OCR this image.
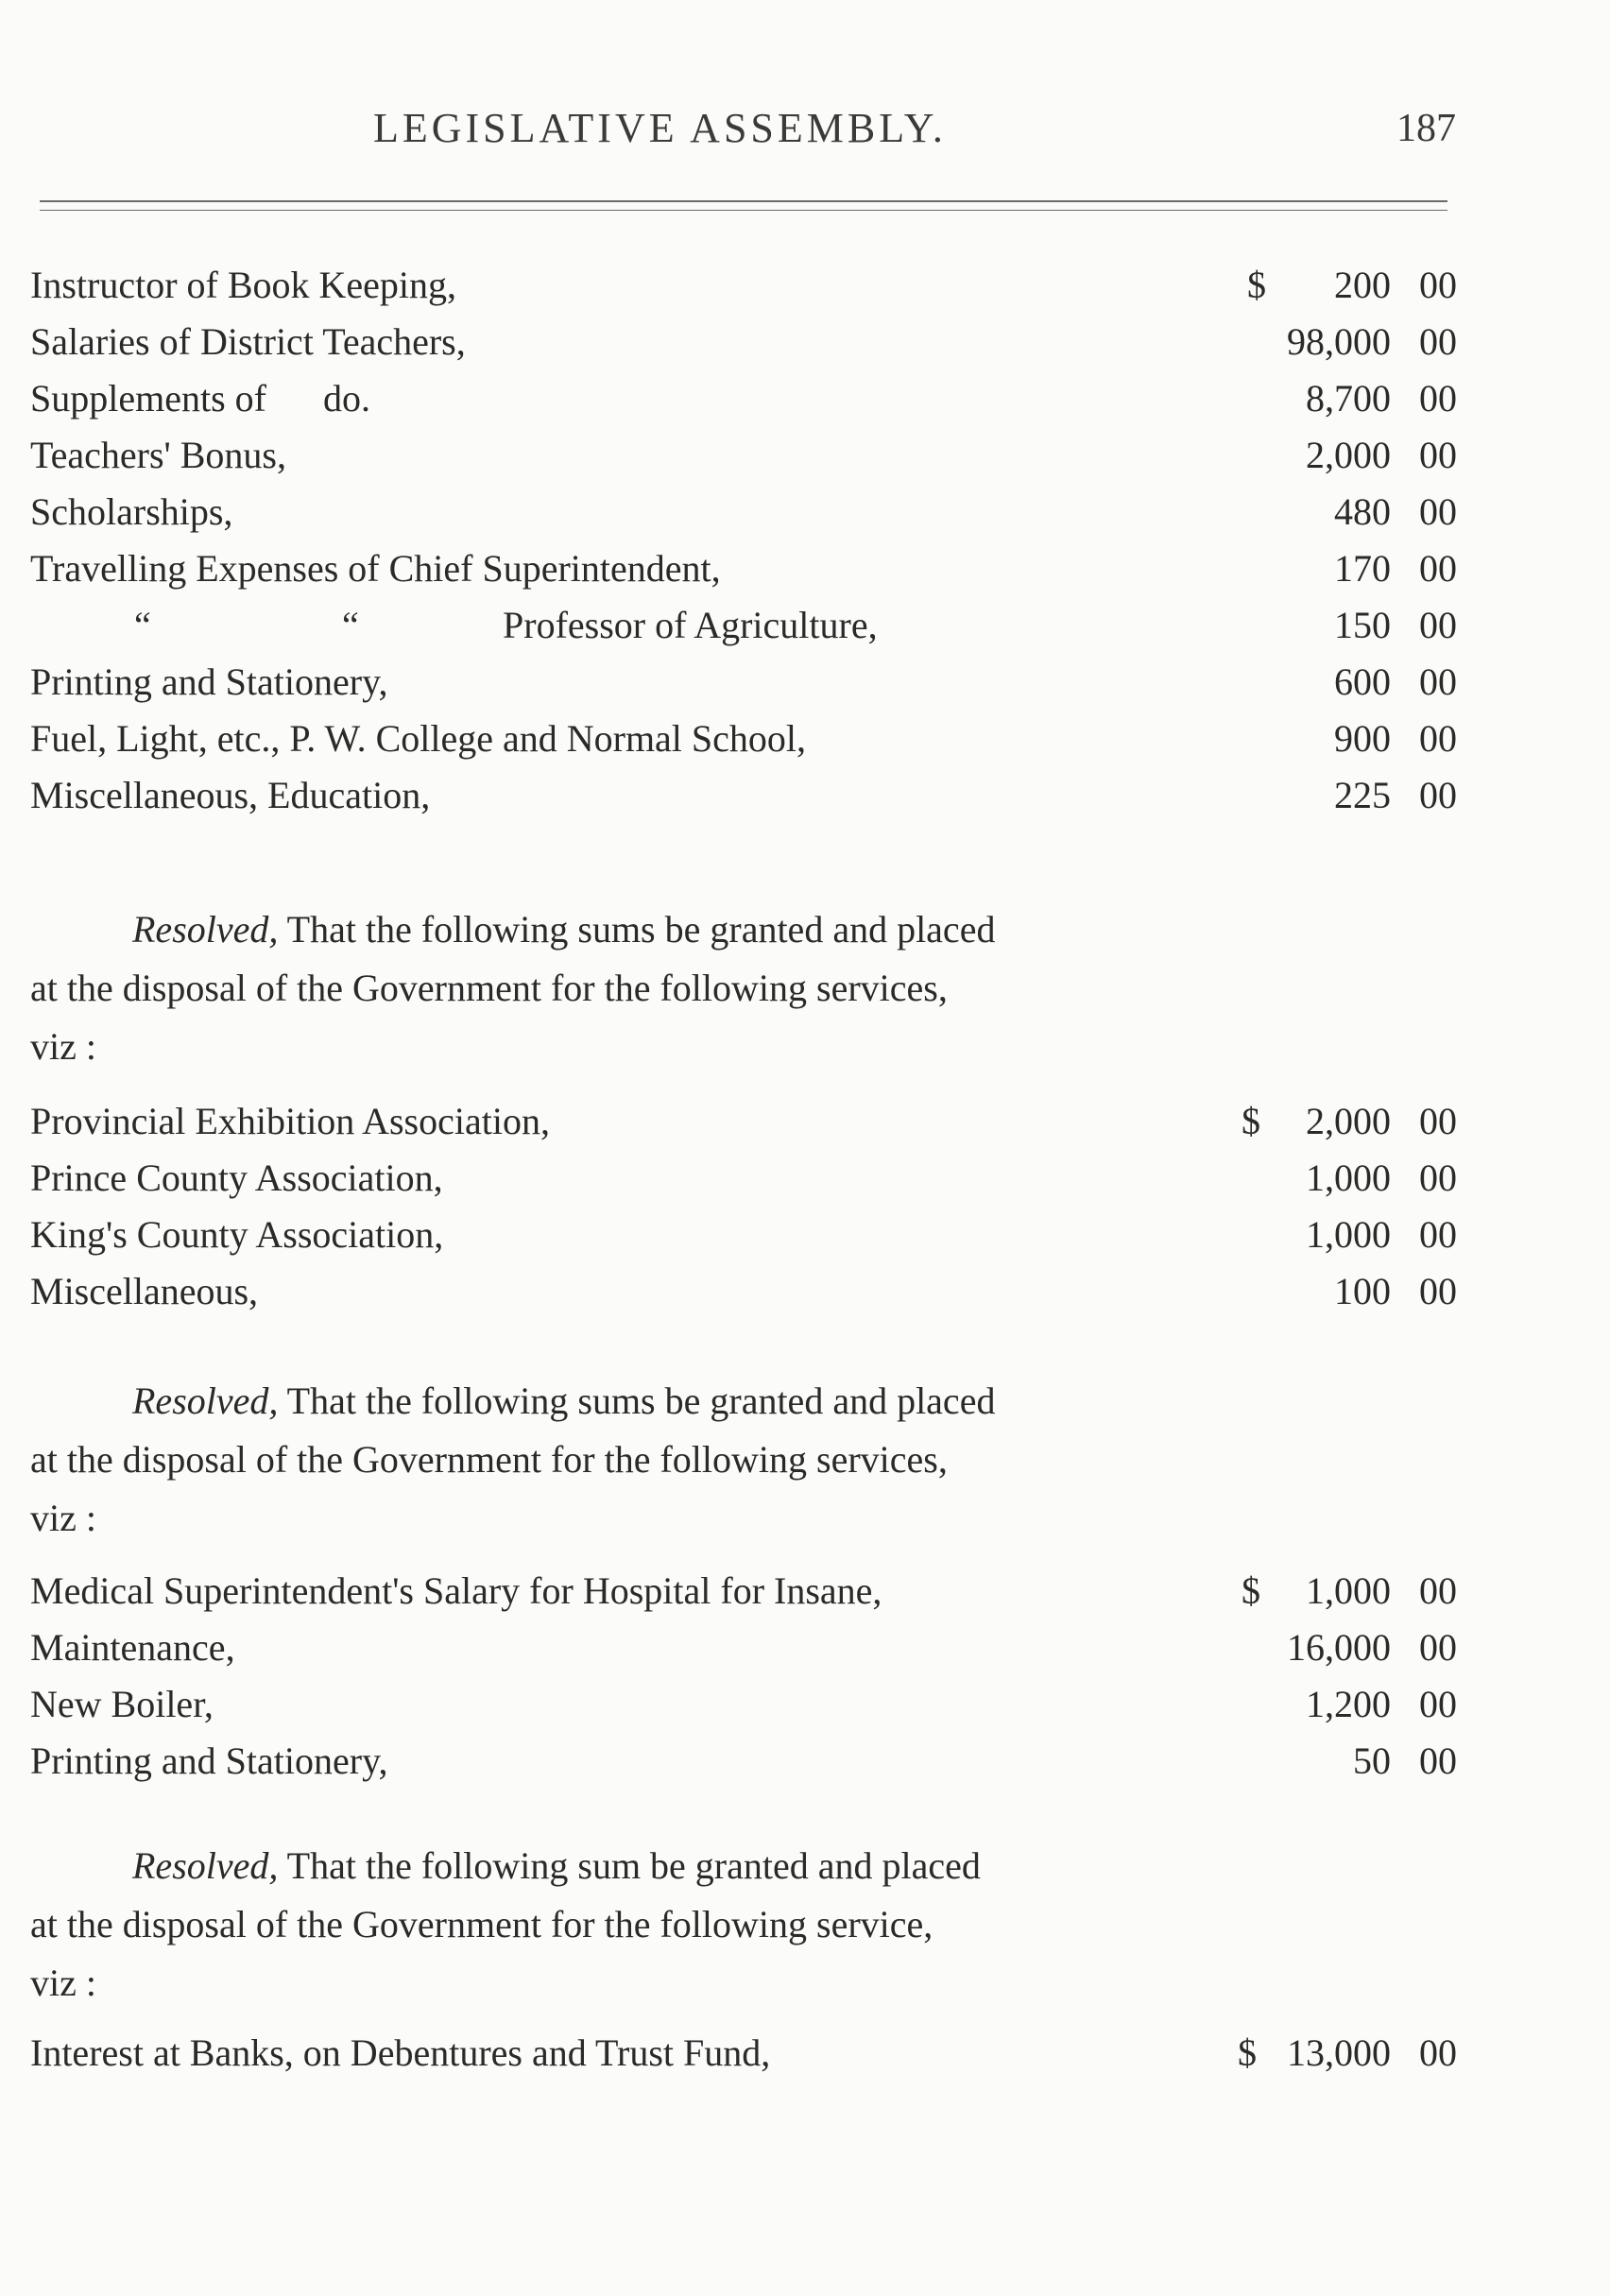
LEGISLATIVE ASSEMBLY.	187
Instructor of Book Keeping,	$ 200 00
Salaries of District Teachers,	98,000 00
Supplements of      do.	8,700 00
Teachers' Bonus,	2,000 00
Scholarships,	480 00
Travelling Expenses of Chief Superintendent,	170 00
“	“	Professor of Agriculture,	150 00
Printing and Stationery,	600 00
Fuel, Light, etc., P. W. College and Normal School,	900 00
Miscellaneous, Education,	225 00
Resolved, That the following sums be granted and placed
at the disposal of the Government for the following services,
viz :
Provincial Exhibition Association,	$ 2,000 00
Prince County Association,	1,000 00
King's County Association,	1,000 00
Miscellaneous,	100 00
Resolved, That the following sums be granted and placed
at the disposal of the Government for the following services,
viz :
Medical Superintendent's Salary for Hospital for Insane,	$ 1,000 00
Maintenance,	16,000 00
New Boiler,	1,200 00
Printing and Stationery,	50 00
Resolved, That the following sum be granted and placed
at the disposal of the Government for the following service,
viz :
Interest at Banks, on Debentures and Trust Fund,	$ 13,000 00
